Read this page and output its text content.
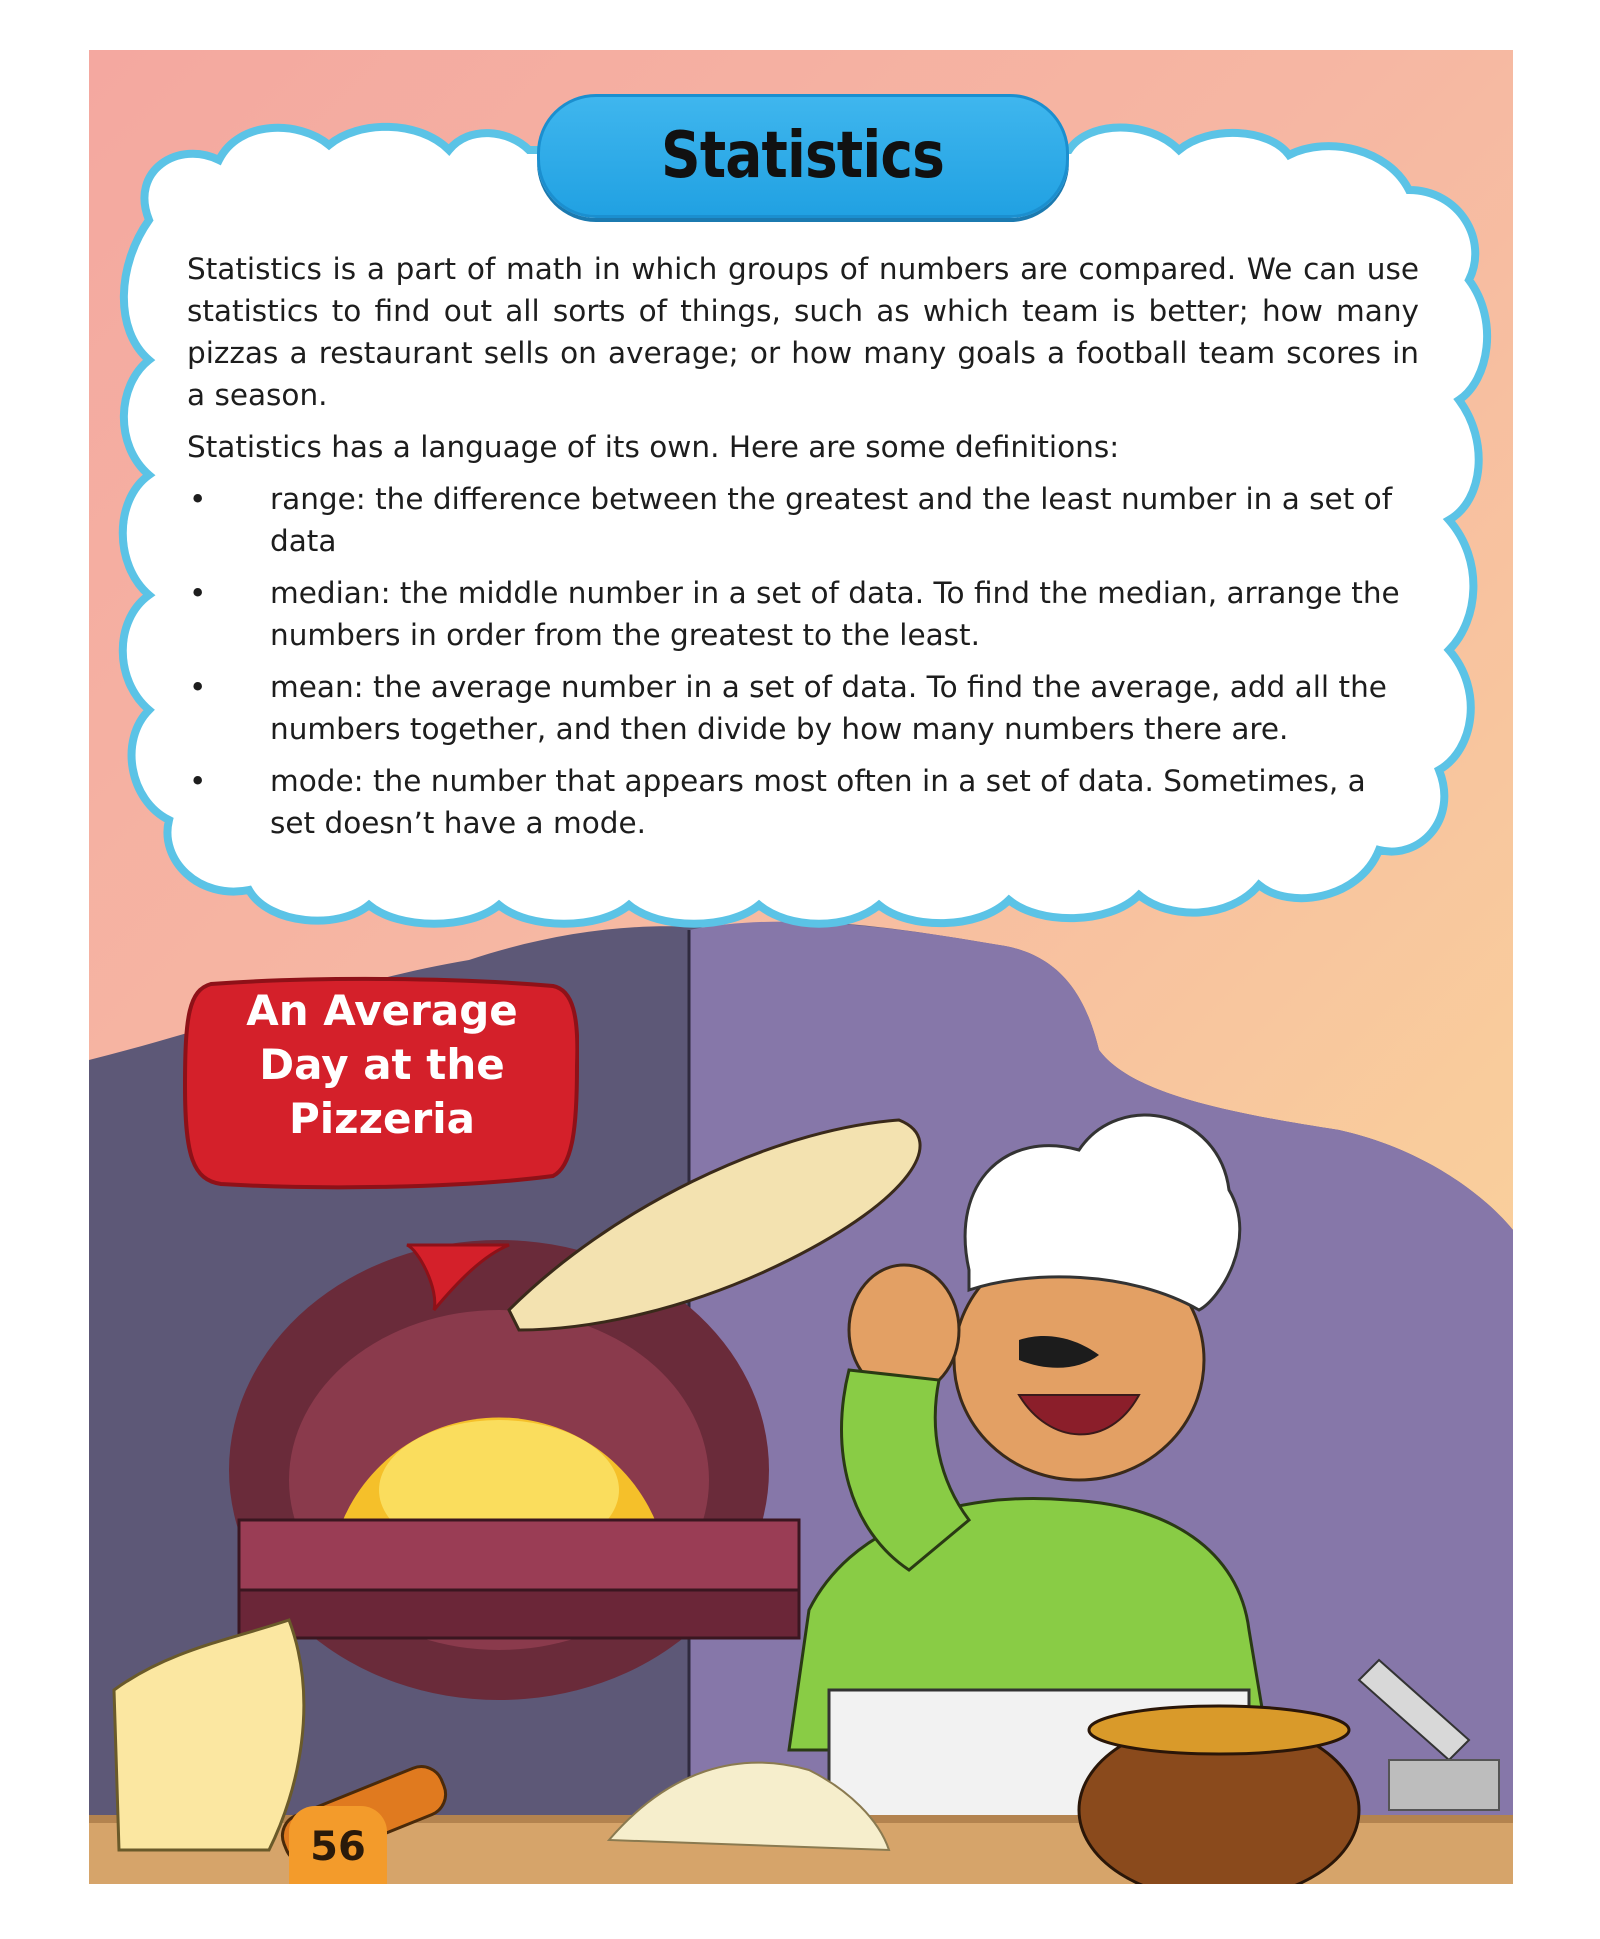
Statistics

Statistics is a part of math in which groups of numbers are compared. We can use statistics to find out all sorts of things, such as which team is better; how many pizzas a restaurant sells on average; or how many goals a football team scores in a season.

Statistics has a language of its own. Here are some definitions:

• range: the difference between the greatest and the least number in a set of data
• median: the middle number in a set of data. To find the median, arrange the numbers in order from the greatest to the least.
• mean: the average number in a set of data. To find the average, add all the numbers together, and then divide by how many numbers there are.
• mode: the number that appears most often in a set of data. Sometimes, a set doesn’t have a mode.
An Average
Day at the
Pizzeria
56
